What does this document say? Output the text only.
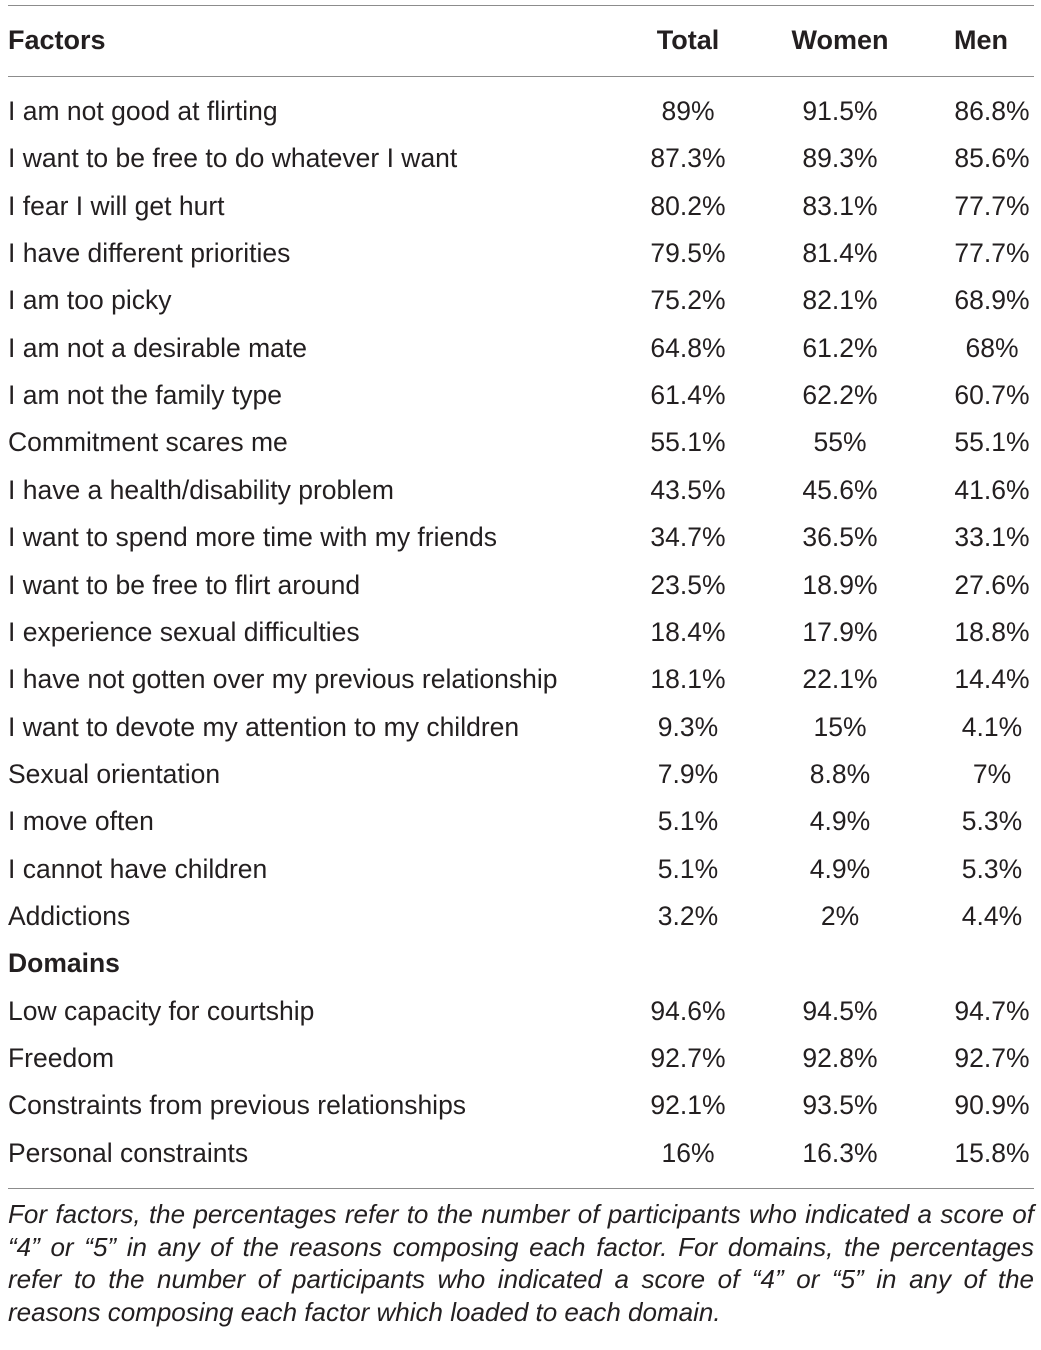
Factors	Total	Women	Men
I am not good at flirting	89%	91.5%	86.8%
I want to be free to do whatever I want	87.3%	89.3%	85.6%
I fear I will get hurt	80.2%	83.1%	77.7%
I have different priorities	79.5%	81.4%	77.7%
I am too picky	75.2%	82.1%	68.9%
I am not a desirable mate	64.8%	61.2%	68%
I am not the family type	61.4%	62.2%	60.7%
Commitment scares me	55.1%	55%	55.1%
I have a health/disability problem	43.5%	45.6%	41.6%
I want to spend more time with my friends	34.7%	36.5%	33.1%
I want to be free to flirt around	23.5%	18.9%	27.6%
I experience sexual difficulties	18.4%	17.9%	18.8%
I have not gotten over my previous relationship	18.1%	22.1%	14.4%
I want to devote my attention to my children	9.3%	15%	4.1%
Sexual orientation	7.9%	8.8%	7%
I move often	5.1%	4.9%	5.3%
I cannot have children	5.1%	4.9%	5.3%
Addictions	3.2%	2%	4.4%
Domains
Low capacity for courtship	94.6%	94.5%	94.7%
Freedom	92.7%	92.8%	92.7%
Constraints from previous relationships	92.1%	93.5%	90.9%
Personal constraints	16%	16.3%	15.8%
For factors, the percentages refer to the number of participants who indicated a score of “4” or “5” in any of the reasons composing each factor. For domains, the percentages refer to the number of participants who indicated a score of “4” or “5” in any of the reasons composing each factor which loaded to each domain.
